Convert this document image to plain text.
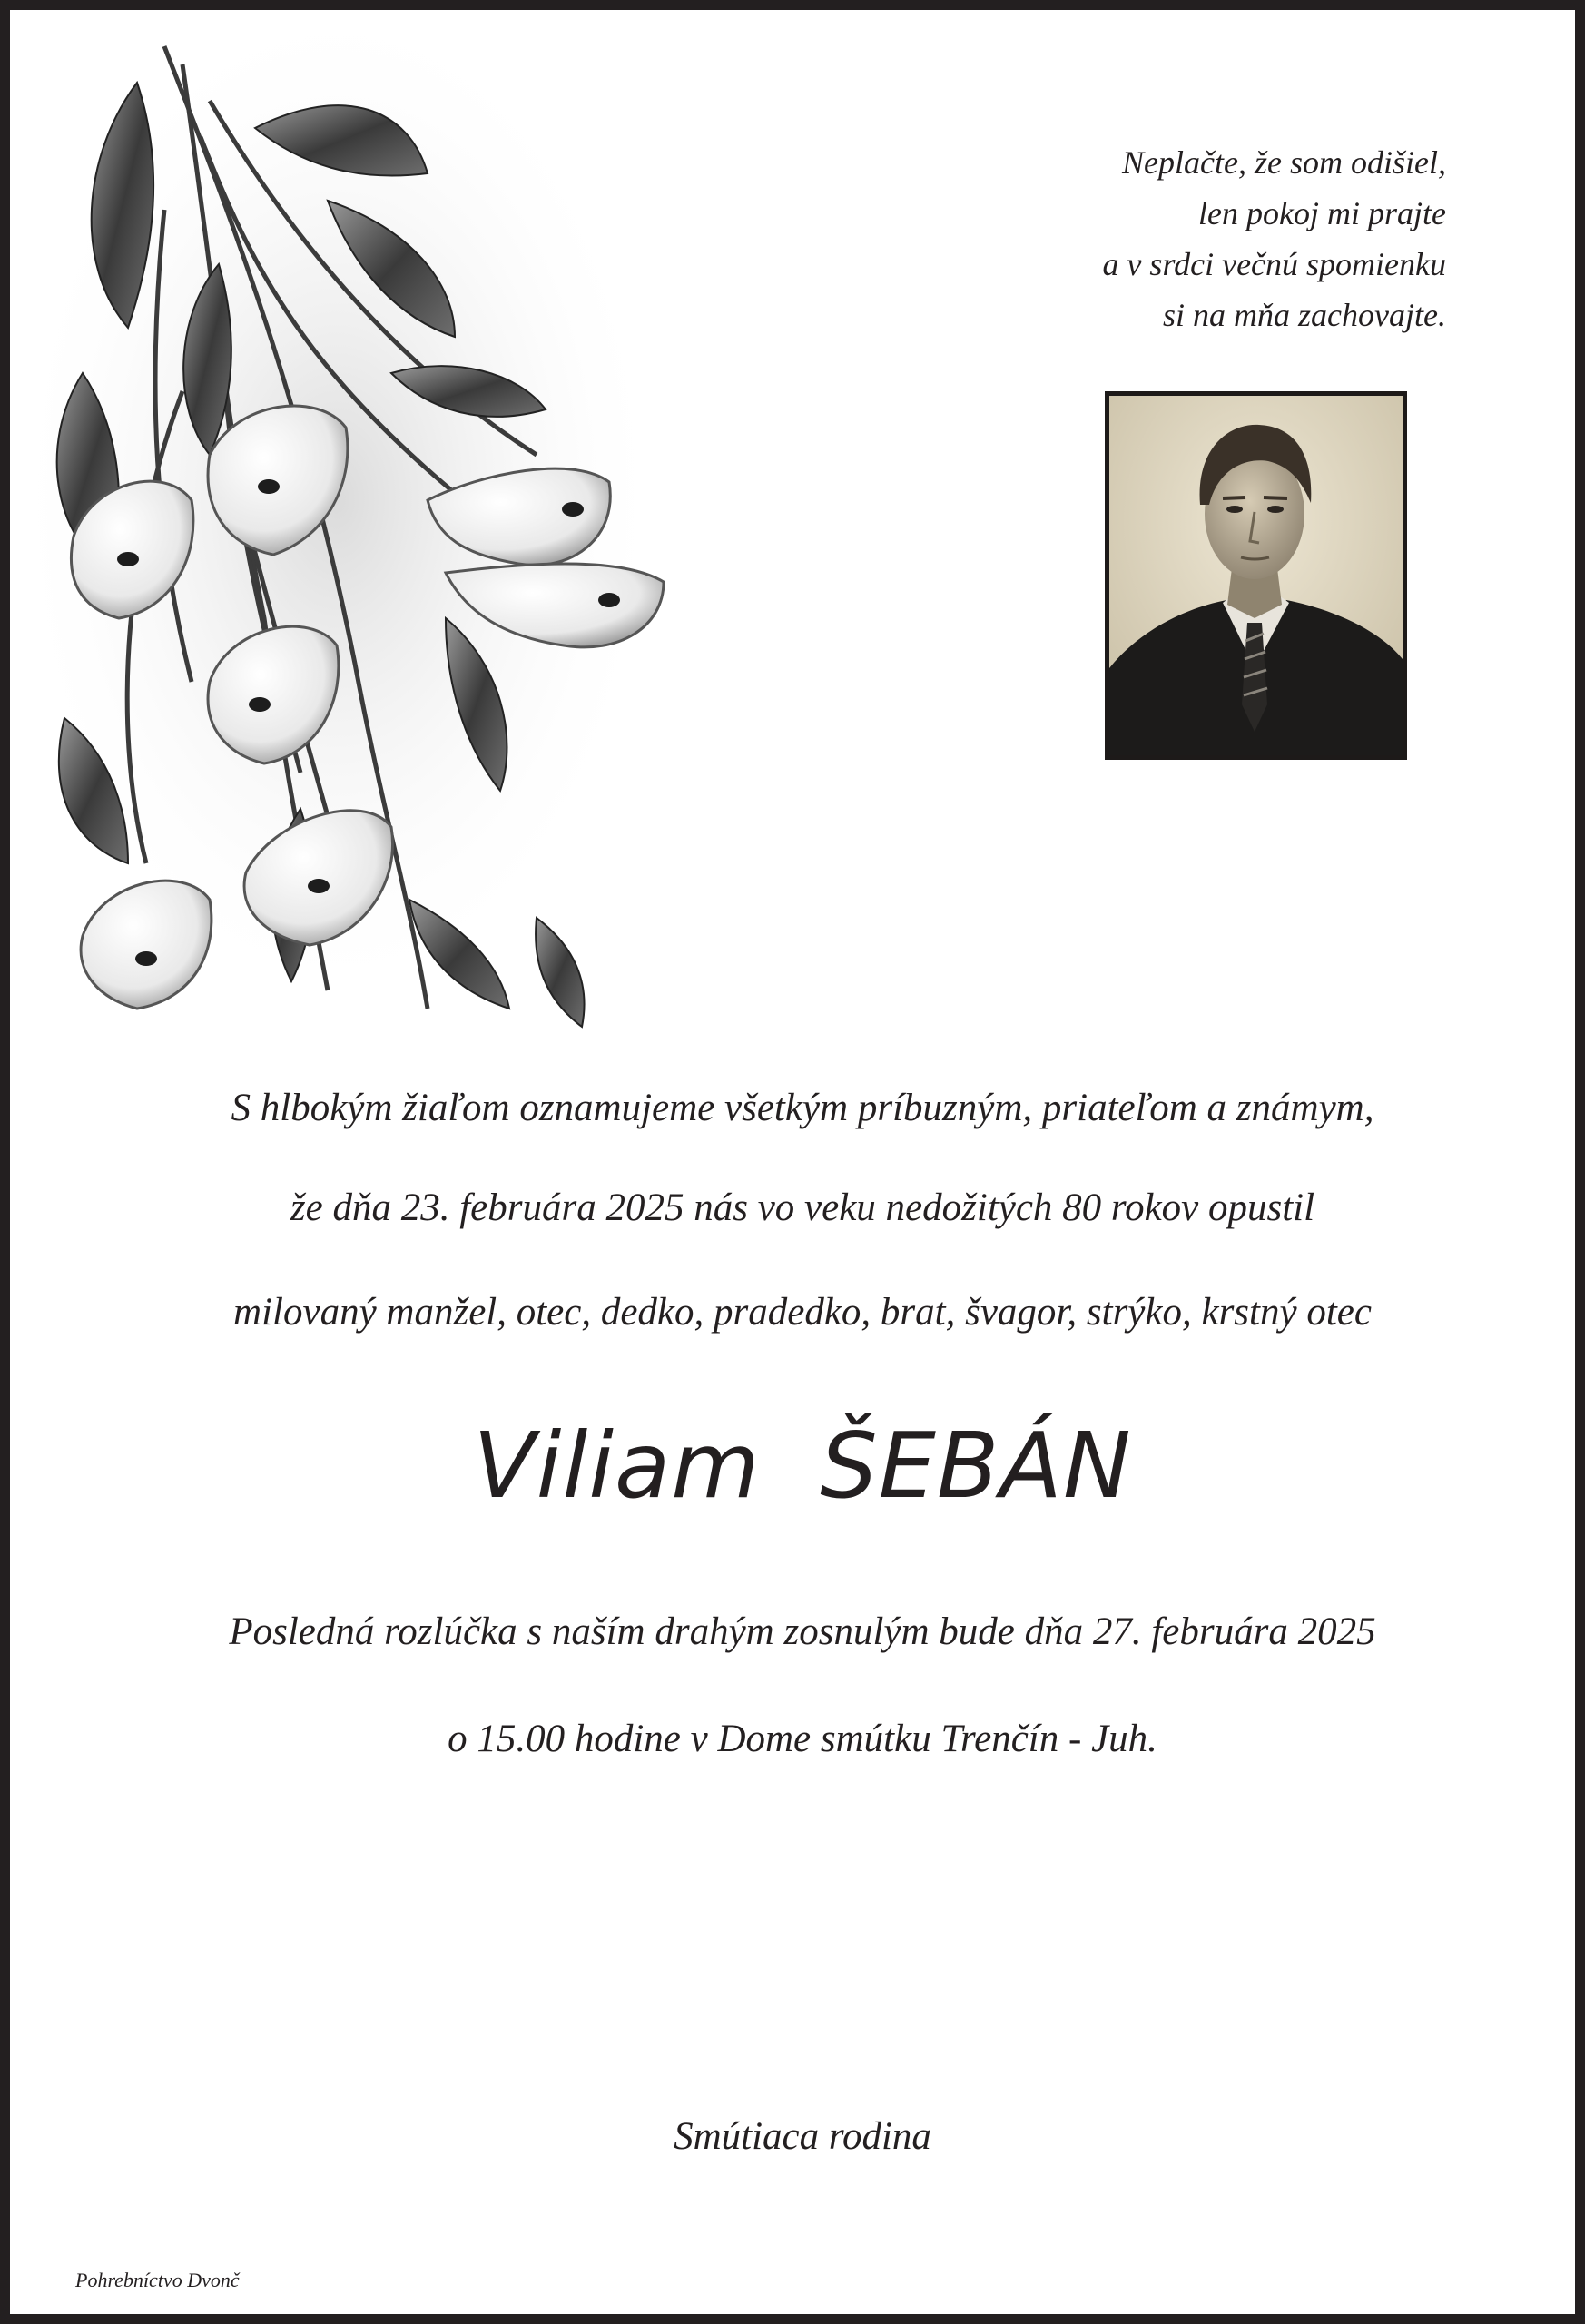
Neplačte, že som odišiel,
len pokoj mi prajte
a v srdci večnú spomienku
si na mňa zachovajte.
S hlbokým žiaľom oznamujeme všetkým príbuzným, priateľom a známym,
že dňa 23. februára 2025 nás vo veku nedožitých 80 rokov opustil
milovaný manžel, otec, dedko, pradedko, brat, švagor, strýko, krstný otec
Viliam  ŠEBÁN
Posledná rozlúčka s naším drahým zosnulým bude dňa 27. februára 2025
o 15.00 hodine v Dome smútku Trenčín - Juh.
Smútiaca rodina
Pohrebníctvo Dvonč
